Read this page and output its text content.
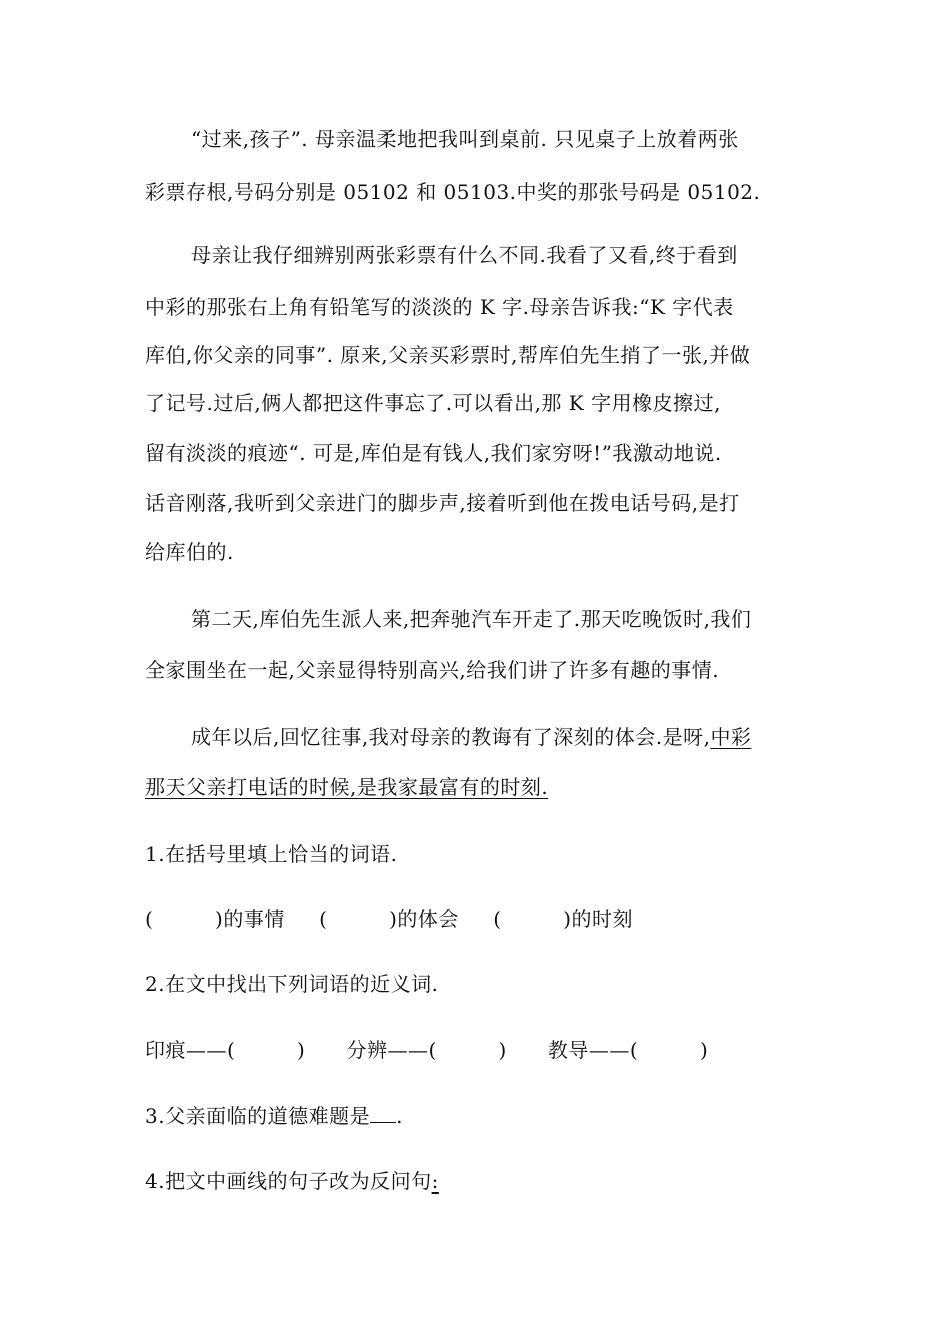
“过来,孩子”. 母亲温柔地把我叫到桌前. 只见桌子上放着两张
彩票存根,号码分别是 05102 和 05103.中奖的那张号码是 05102.
母亲让我仔细辨别两张彩票有什么不同.我看了又看,终于看到
中彩的那张右上角有铅笔写的淡淡的 K 字.母亲告诉我:“K 字代表
库伯,你父亲的同事”. 原来,父亲买彩票时,帮库伯先生捎了一张,并做
了记号.过后,俩人都把这件事忘了.可以看出,那 K 字用橡皮擦过,
留有淡淡的痕迹“. 可是,库伯是有钱人,我们家穷呀!”我激动地说.
话音刚落,我听到父亲进门的脚步声,接着听到他在拨电话号码,是打
给库伯的.
第二天,库伯先生派人来,把奔驰汽车开走了.那天吃晚饭时,我们
全家围坐在一起,父亲显得特别高兴,给我们讲了许多有趣的事情.
成年以后,回忆往事,我对母亲的教诲有了深刻的体会.是呀,中彩
那天父亲打电话的时候,是我家最富有的时刻.
1.在括号里填上恰当的词语.
(         )的事情     (         )的体会     (         )的时刻
2.在文中找出下列词语的近义词.
印痕——(         )      分辨——(         )      教导——(         )
3.父亲面临的道德难题是 .
4.把文中画线的句子改为反问句:
